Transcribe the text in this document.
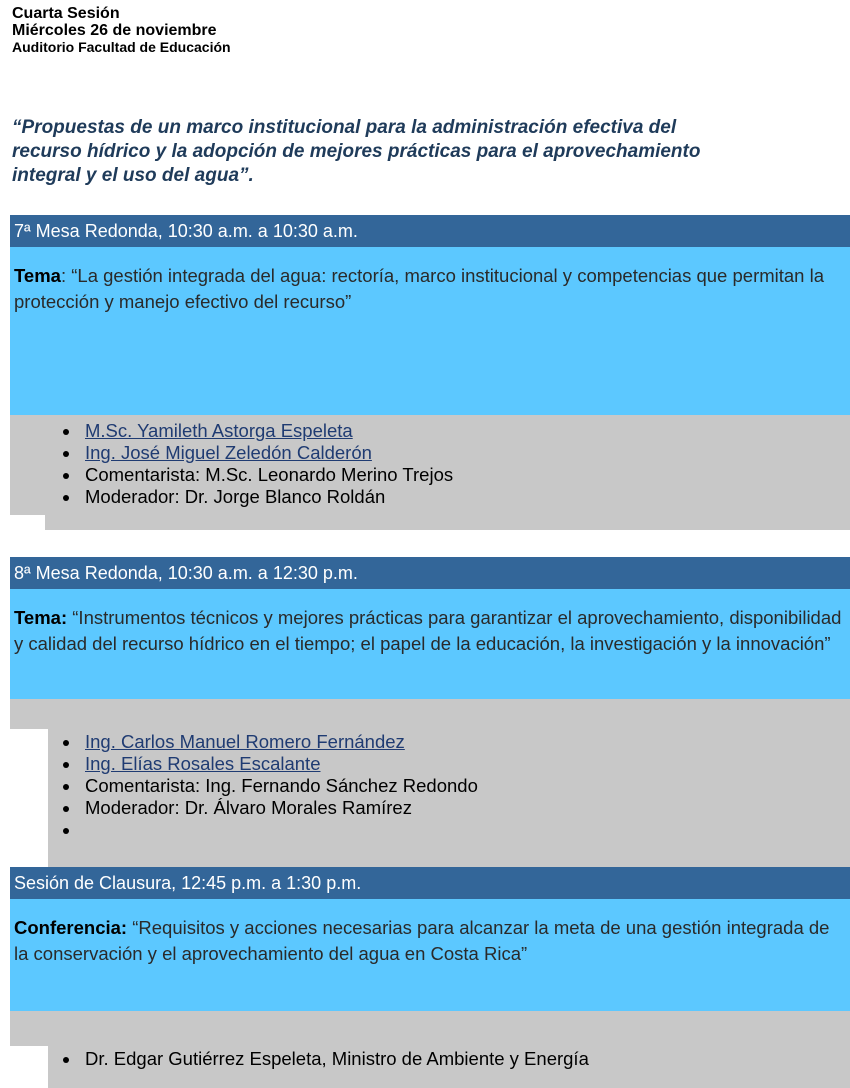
Cuarta Sesión
Miércoles 26 de noviembre
Auditorio Facultad de Educación
“Propuestas de un marco institucional para la administración efectiva del
recurso hídrico y la adopción de mejores prácticas para el aprovechamiento
integral y el uso del agua”.
7ª Mesa Redonda, 10:30 a.m. a 10:30 a.m.
Tema: “La gestión integrada del agua: rectoría, marco institucional y competencias que permitan la protección y manejo efectivo del recurso”
M.Sc. Yamileth Astorga Espeleta
Ing. José Miguel Zeledón Calderón
Comentarista: M.Sc. Leonardo Merino Trejos
Moderador: Dr. Jorge Blanco Roldán
8ª Mesa Redonda, 10:30 a.m. a 12:30 p.m.
Tema: “Instrumentos técnicos y mejores prácticas para garantizar el aprovechamiento, disponibilidad y calidad del recurso hídrico en el tiempo; el papel de la educación, la investigación y la innovación”
Ing. Carlos Manuel Romero Fernández
Ing. Elías Rosales Escalante
Comentarista: Ing. Fernando Sánchez Redondo
Moderador: Dr. Álvaro Morales Ramírez
Sesión de Clausura, 12:45 p.m. a 1:30 p.m.
Conferencia: “Requisitos y acciones necesarias para alcanzar la meta de una gestión integrada de la conservación y el aprovechamiento del agua en Costa Rica”
Dr. Edgar Gutiérrez Espeleta, Ministro de Ambiente y Energía
